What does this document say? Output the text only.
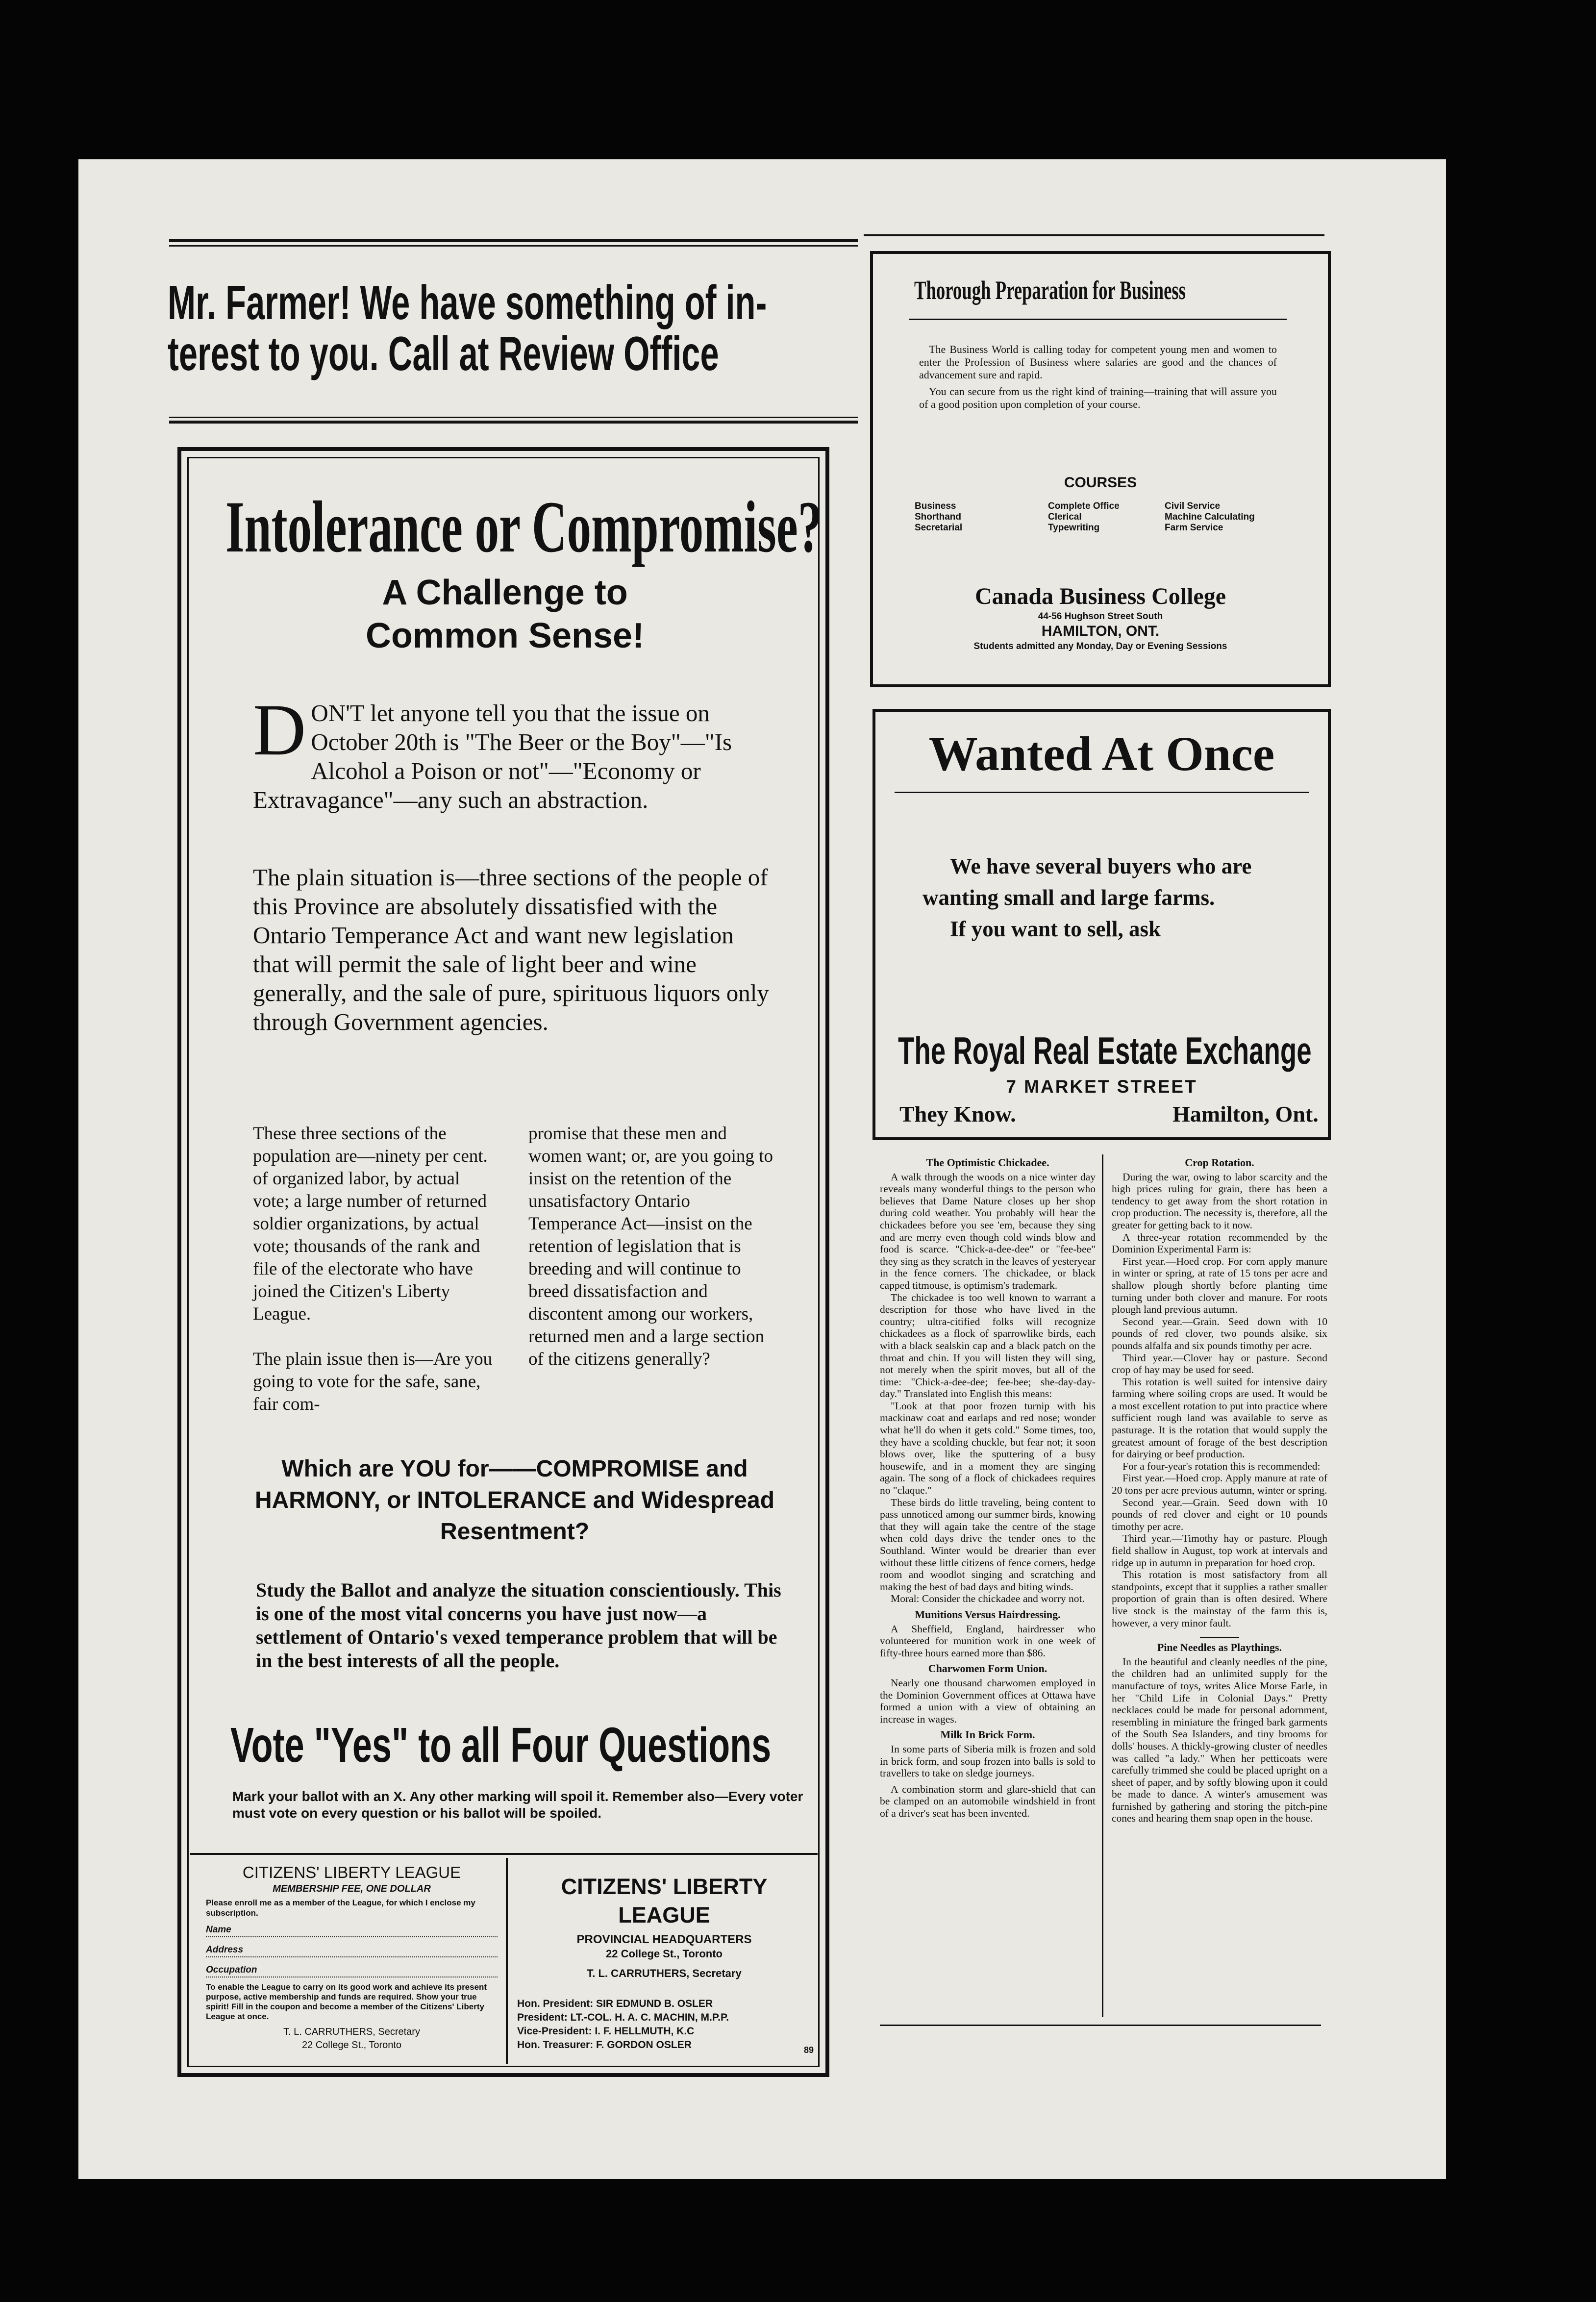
Mr. Farmer! We have something of in-
terest to you. Call at Review Office
Intolerance or Compromise?
A Challenge to
Common Sense!
DON'T let anyone tell you that the issue on October 20th is "The Beer or the Boy"—"Is Alcohol a Poison or not"—"Economy or Extravagance"—any such an abstraction.
The plain situation is—three sections of the people of this Province are absolutely dissatisfied with the Ontario Temperance Act and want new legislation that will permit the sale of light beer and wine generally, and the sale of pure, spirituous liquors only through Government agencies.

These three sections of the population are—ninety per cent. of organized labor, by actual vote; a large number of returned soldier organizations, by actual vote; thousands of the rank and file of the electorate who have joined the Citizen's Liberty League.

The plain issue then is—Are you going to vote for the safe, sane, fair com-

promise that these men and women want; or, are you going to insist on the retention of the unsatisfactory Ontario Temperance Act—insist on the retention of legislation that is breeding and will continue to breed dissatisfaction and discontent among our workers, returned men and a large section of the citizens generally?
Which are YOU for——COMPROMISE and HARMONY, or INTOLERANCE and Widespread Resentment?
Study the Ballot and analyze the situation conscientiously. This is one of the most vital concerns you have just now—a settlement of Ontario's vexed temperance problem that will be in the best interests of all the people.
Vote "Yes" to all Four Questions
Mark your ballot with an X. Any other marking will spoil it. Remember also—Every voter must vote on every question or his ballot will be spoiled.
CITIZENS' LIBERTY LEAGUE
MEMBERSHIP FEE, ONE DOLLAR
Please enroll me as a member of the League, for which I enclose my subscription.
Name
Address
Occupation
To enable the League to carry on its good work and achieve its present purpose, active membership and funds are required. Show your true spirit! Fill in the coupon and become a member of the Citizens' Liberty League at once.
T. L. CARRUTHERS, Secretary
22 College St., Toronto
CITIZENS' LIBERTY LEAGUE
PROVINCIAL HEADQUARTERS
22 College St., Toronto
T. L. CARRUTHERS, Secretary
Hon. President: SIR EDMUND B. OSLER
President: LT.-COL. H. A. C. MACHIN, M.P.P.
Vice-President: I. F. HELLMUTH, K.C
Hon. Treasurer: F. GORDON OSLER	89
Thorough Preparation for Business
The Business World is calling today for competent young men and women to enter the Profession of Business where salaries are good and the chances of advancement sure and rapid.
You can secure from us the right kind of training—training that will assure you of a good position upon completion of your course.
COURSES
Business
Shorthand
Secretarial
Complete Office
Clerical
Typewriting
Civil Service
Machine Calculating
Farm Service
Canada Business College
44-56 Hughson Street South
HAMILTON, ONT.
Students admitted any Monday, Day or Evening Sessions
Wanted At Once
We have several buyers who are
wanting small and large farms.
If you want to sell, ask
The Royal Real Estate Exchange
7 MARKET STREET
They Know.	Hamilton, Ont.
The Optimistic Chickadee.

A walk through the woods on a nice winter day reveals many wonderful things to the person who believes that Dame Nature closes up her shop during cold weather. You probably will hear the chickadees before you see 'em, because they sing and are merry even though cold winds blow and food is scarce. "Chick-a-dee-dee" or "fee-bee" they sing as they scratch in the leaves of yesteryear in the fence corners. The chickadee, or black capped titmouse, is optimism's trademark.

The chickadee is too well known to warrant a description for those who have lived in the country; ultra-citified folks will recognize chickadees as a flock of sparrowlike birds, each with a black sealskin cap and a black patch on the throat and chin. If you will listen they will sing, not merely when the spirit moves, but all of the time: "Chick-a-dee-dee; fee-bee; she-day-day-day." Translated into English this means:

"Look at that poor frozen turnip with his mackinaw coat and earlaps and red nose; wonder what he'll do when it gets cold." Some times, too, they have a scolding chuckle, but fear not; it soon blows over, like the sputtering of a busy housewife, and in a moment they are singing again. The song of a flock of chickadees requires no "claque."

These birds do little traveling, being content to pass unnoticed among our summer birds, knowing that they will again take the centre of the stage when cold days drive the tender ones to the Southland. Winter would be drearier than ever without these little citizens of fence corners, hedge room and woodlot singing and scratching and making the best of bad days and biting winds.

Moral: Consider the chickadee and worry not.

Munitions Versus Hairdressing.

A Sheffield, England, hairdresser who volunteered for munition work in one week of fifty-three hours earned more than $86.

Charwomen Form Union.

Nearly one thousand charwomen employed in the Dominion Government offices at Ottawa have formed a union with a view of obtaining an increase in wages.

Milk In Brick Form.

In some parts of Siberia milk is frozen and sold in brick form, and soup frozen into balls is sold to travellers to take on sledge journeys.

A combination storm and glare-shield that can be clamped on an automobile windshield in front of a driver's seat has been invented.

Crop Rotation.

During the war, owing to labor scarcity and the high prices ruling for grain, there has been a tendency to get away from the short rotation in crop production. The necessity is, therefore, all the greater for getting back to it now.

A three-year rotation recommended by the Dominion Experimental Farm is:

First year.—Hoed crop. For corn apply manure in winter or spring, at rate of 15 tons per acre and shallow plough shortly before planting time turning under both clover and manure. For roots plough land previous autumn.

Second year.—Grain. Seed down with 10 pounds of red clover, two pounds alsike, six pounds alfalfa and six pounds timothy per acre.

Third year.—Clover hay or pasture. Second crop of hay may be used for seed.

This rotation is well suited for intensive dairy farming where soiling crops are used. It would be a most excellent rotation to put into practice where sufficient rough land was available to serve as pasturage. It is the rotation that would supply the greatest amount of forage of the best description for dairying or beef production.

For a four-year's rotation this is recommended:

First year.—Hoed crop. Apply manure at rate of 20 tons per acre previous autumn, winter or spring.

Second year.—Grain. Seed down with 10 pounds of red clover and eight or 10 pounds timothy per acre.

Third year.—Timothy hay or pasture. Plough field shallow in August, top work at intervals and ridge up in autumn in preparation for hoed crop.

This rotation is most satisfactory from all standpoints, except that it supplies a rather smaller proportion of grain than is often desired. Where live stock is the mainstay of the farm this is, however, a very minor fault.

Pine Needles as Playthings.

In the beautiful and cleanly needles of the pine, the children had an unlimited supply for the manufacture of toys, writes Alice Morse Earle, in her "Child Life in Colonial Days." Pretty necklaces could be made for personal adornment, resembling in miniature the fringed bark garments of the South Sea Islanders, and tiny brooms for dolls' houses. A thickly-growing cluster of needles was called "a lady." When her petticoats were carefully trimmed she could be placed upright on a sheet of paper, and by softly blowing upon it could be made to dance. A winter's amusement was furnished by gathering and storing the pitch-pine cones and hearing them snap open in the house.
